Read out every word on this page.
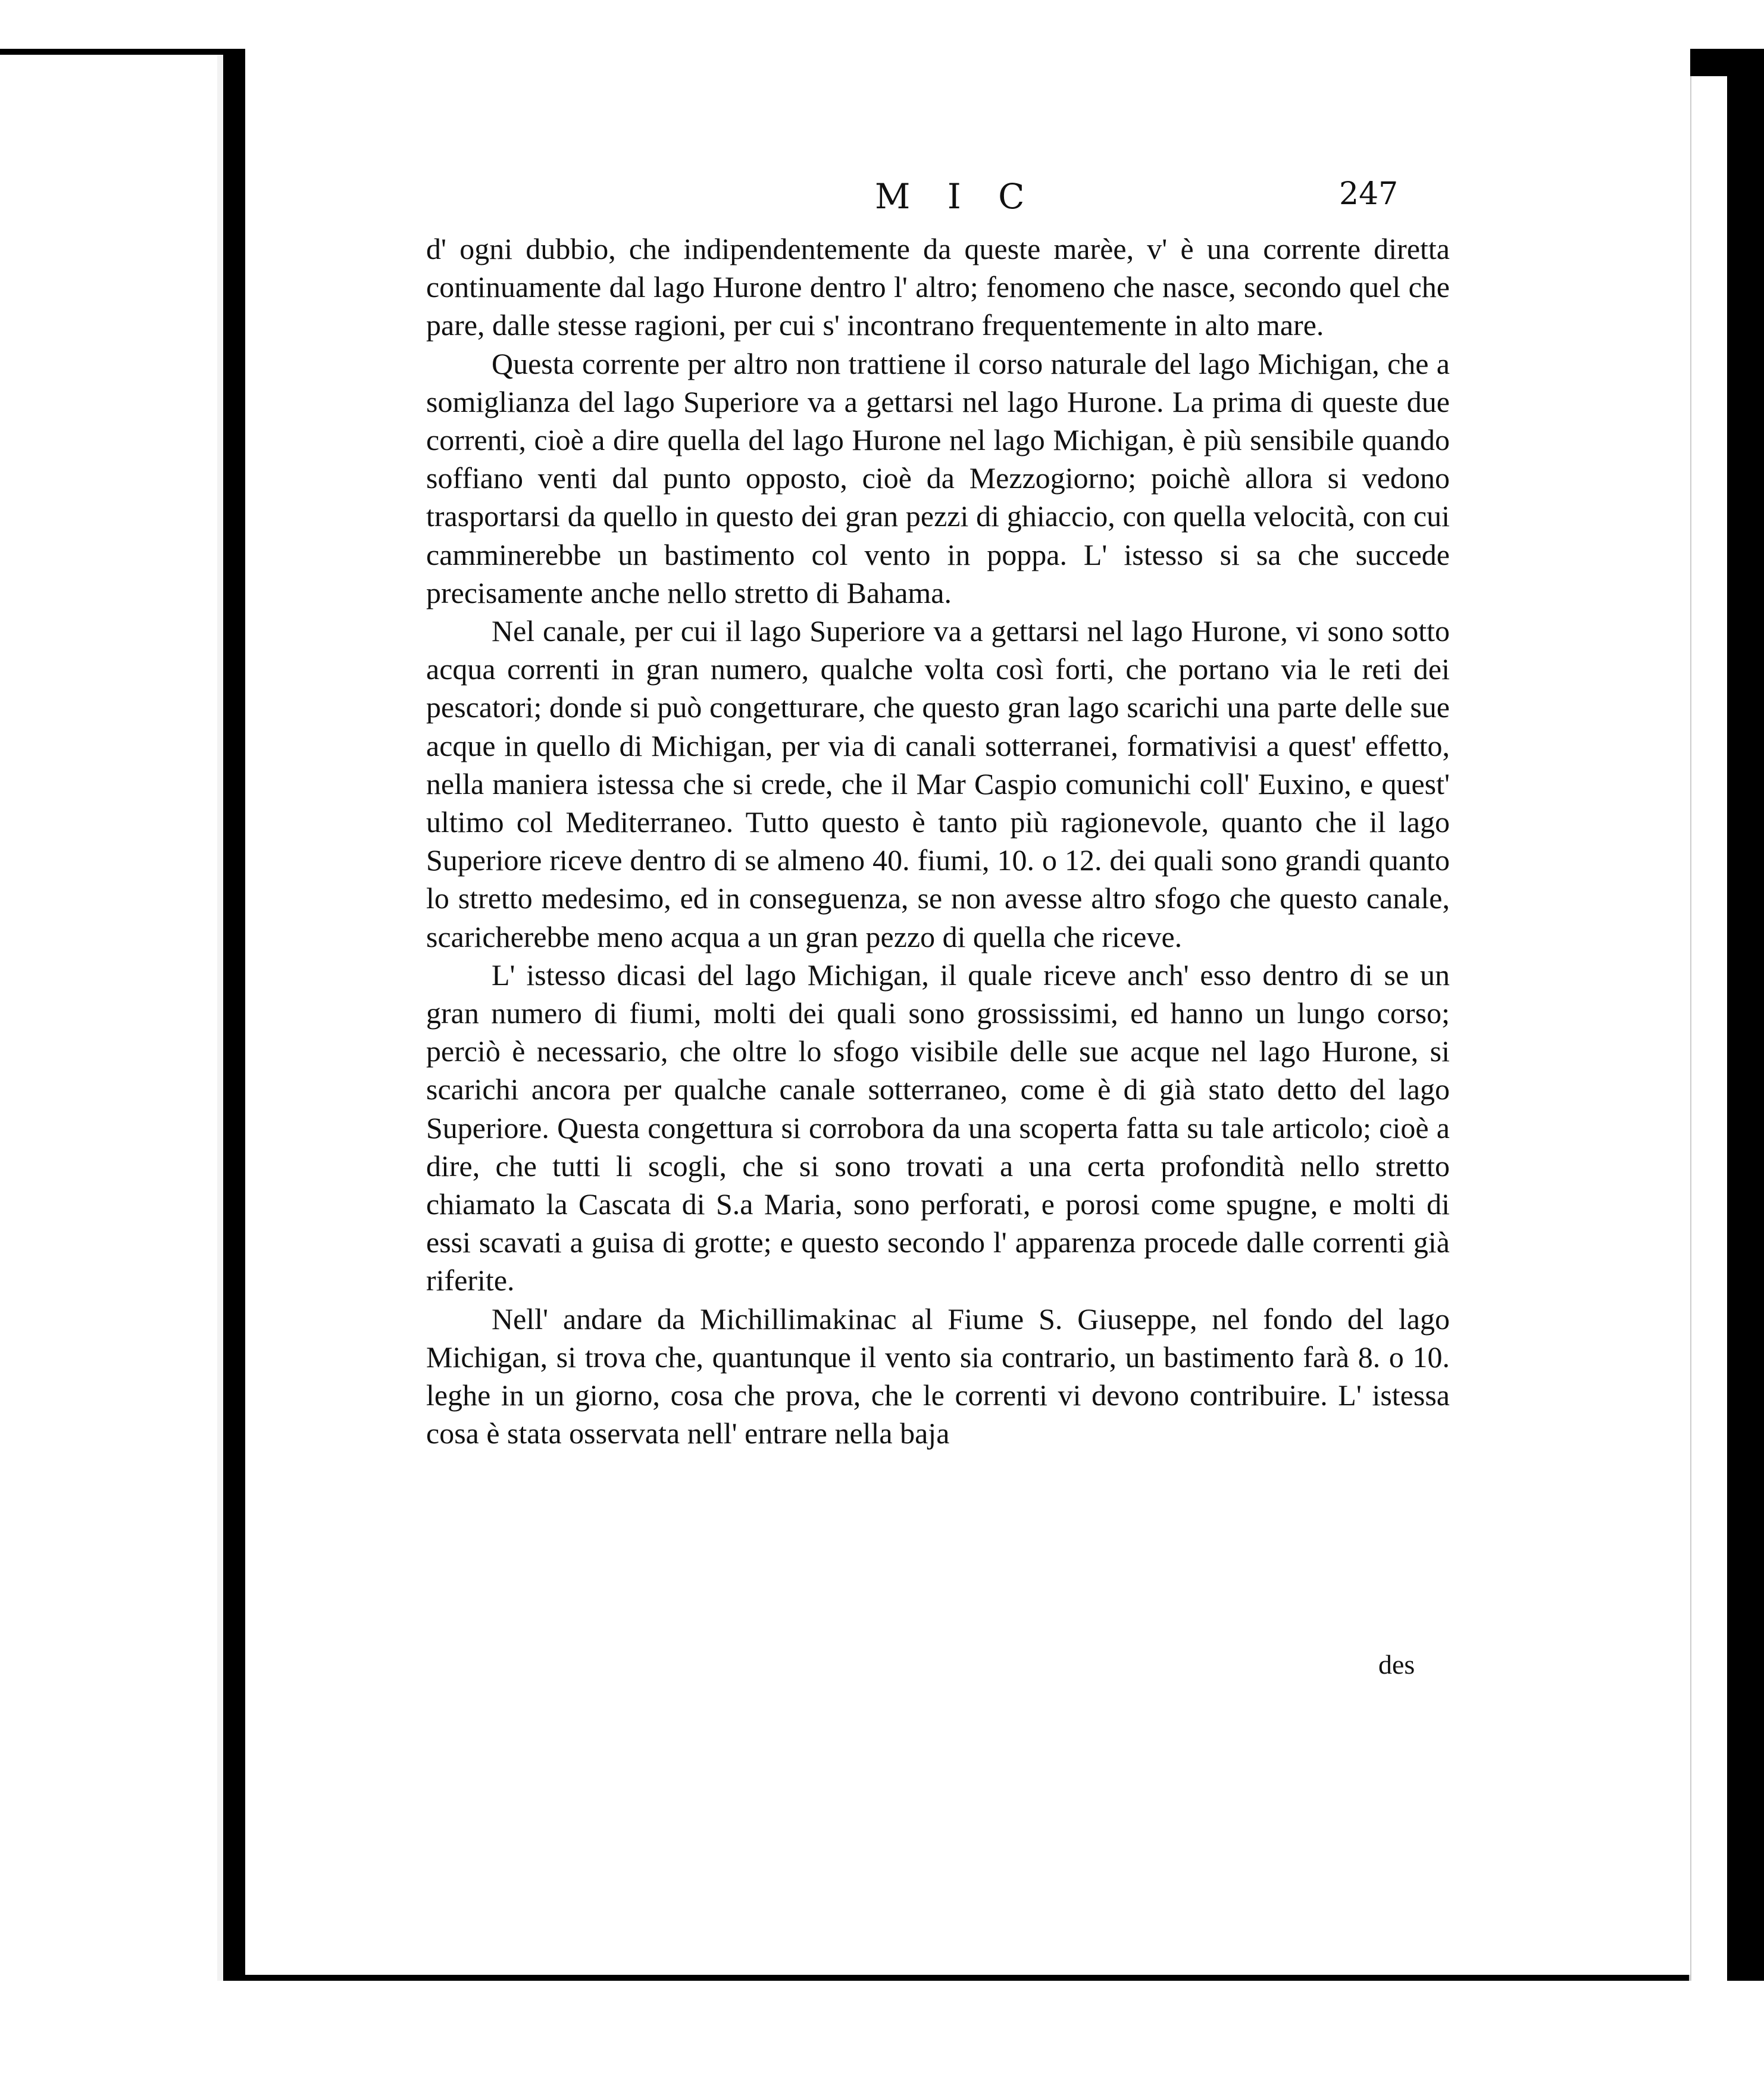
M I C	247

d' ogni dubbio, che indipendentemente da queste marèe, v' è una corrente diretta continuamente dal lago Hurone dentro l' altro; fenomeno che nasce, secondo quel che pare, dalle stesse ragioni, per cui s' incontrano frequentemente in alto mare.

Questa corrente per altro non trattiene il corso naturale del lago Michigan, che a somiglianza del lago Superiore va a gettarsi nel lago Hurone. La prima di queste due correnti, cioè a dire quella del lago Hurone nel lago Michigan, è più sensibile quando soffiano venti dal punto opposto, cioè da Mezzogiorno; poichè allora si vedono trasportarsi da quello in questo dei gran pezzi di ghiaccio, con quella velocità, con cui camminerebbe un bastimento col vento in poppa. L' istesso si sa che succede precisamente anche nello stretto di Bahama.

Nel canale, per cui il lago Superiore va a gettarsi nel lago Hurone, vi sono sotto acqua correnti in gran numero, qualche volta così forti, che portano via le reti dei pescatori; donde si può congetturare, che questo gran lago scarichi una parte delle sue acque in quello di Michigan, per via di canali sotterranei, formativisi a quest' effetto, nella maniera istessa che si crede, che il Mar Caspio comunichi coll' Euxino, e quest' ultimo col Mediterraneo. Tutto questo è tanto più ragionevole, quanto che il lago Superiore riceve dentro di se almeno 40. fiumi, 10. o 12. dei quali sono grandi quanto lo stretto medesimo, ed in conseguenza, se non avesse altro sfogo che questo canale, scaricherebbe meno acqua a un gran pezzo di quella che riceve.

L' istesso dicasi del lago Michigan, il quale riceve anch' esso dentro di se un gran numero di fiumi, molti dei quali sono grossissimi, ed hanno un lungo corso; perciò è necessario, che oltre lo sfogo visibile delle sue acque nel lago Hurone, si scarichi ancora per qualche canale sotterraneo, come è di già stato detto del lago Superiore. Questa congettura si corrobora da una scoperta fatta su tale articolo; cioè a dire, che tutti li scogli, che si sono trovati a una certa profondità nello stretto chiamato la Cascata di S.a Maria, sono perforati, e porosi come spugne, e molti di essi scavati a guisa di grotte; e questo secondo l' apparenza procede dalle correnti già riferite.

Nell' andare da Michillimakinac al Fiume S. Giuseppe, nel fondo del lago Michigan, si trova che, quantunque il vento sia contrario, un bastimento farà 8. o 10. leghe in un giorno, cosa che prova, che le correnti vi devono contribuire. L' istessa cosa è stata osservata nell' entrare nella baja

des
